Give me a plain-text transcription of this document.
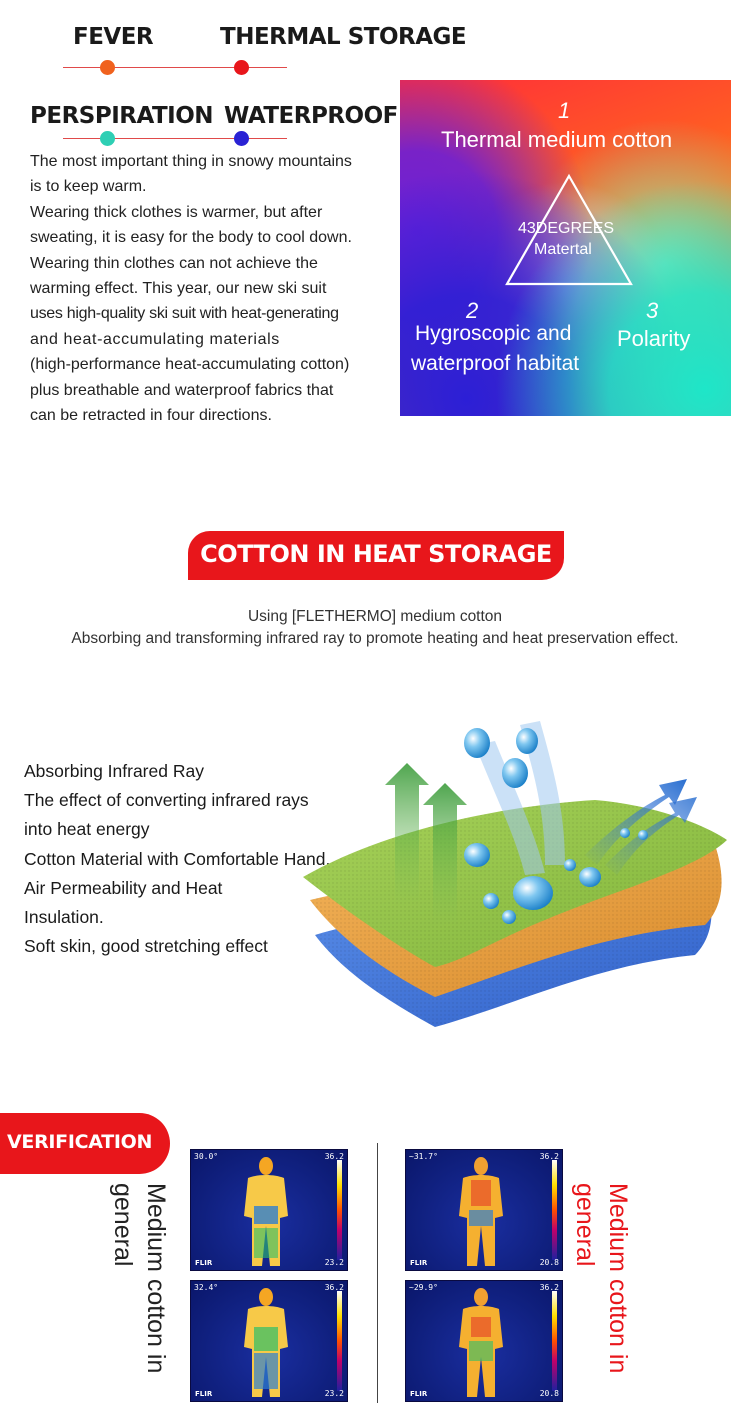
FEVER	THERMAL STORAGE
PERSPIRATION WATERPROOF

The most important thing in snowy mountains

is to keep warm.

Wearing thick clothes is warmer, but after

sweating, it is easy for the body to cool down.

Wearing thin clothes can not achieve the

warming effect. This year, our new ski suit

uses high-quality ski suit with heat-generating

and heat-accumulating materials

(high-performance heat-accumulating cotton)

plus breathable and waterproof fabrics that

can be retracted in four directions.

1
Thermal medium cotton
43DEGREES
Matertal
2
Hygroscopic and
waterproof habitat
3
Polarity
COTTON IN HEAT STORAGE
Using [FLETHERMO] medium cotton
Absorbing and transforming infrared ray to promote heating and heat preservation effect.
Absorbing Infrared Ray
The effect of converting infrared rays
into heat energy
Cotton Material with Comfortable Hand,
Air Permeability and Heat
Insulation.
Soft skin, good stretching effect
VERIFICATION
Medium cotton in
general	Medium cotton in
general
30.0°	36.2
23.2
FLIR
32.4°	36.2
23.2
FLIR
~31.7°	36.2
20.8
FLIR
~29.9°	36.2
20.8
FLIR
